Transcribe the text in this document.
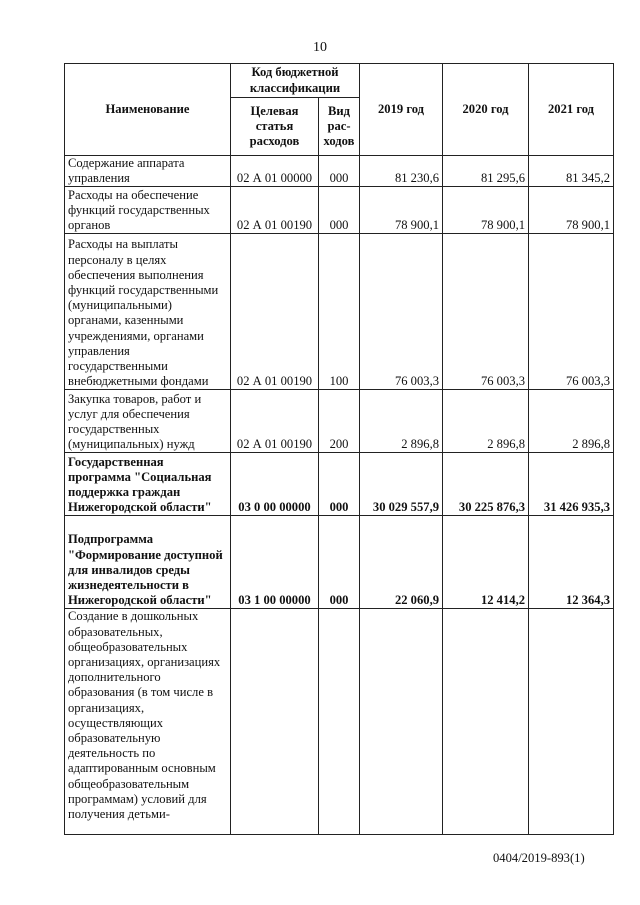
10
Наименование	Код бюджетной классификации		2019 год	2020 год	2021 год
	Целевая статья расходов	Вид рас-ходов			
Содержание аппарата управления	02 А 01 00000	000	81 230,6	81 295,6	81 345,2
Расходы на обеспечение функций государственных органов	02 А 01 00190	000	78 900,1	78 900,1	78 900,1
Расходы на выплаты персоналу в целях обеспечения выполнения функций государственными (муниципальными) органами, казенными учреждениями, органами управления государственными внебюджетными фондами	02 А 01 00190	100	76 003,3	76 003,3	76 003,3
Закупка товаров, работ и услуг для обеспечения государственных (муниципальных) нужд	02 А 01 00190	200	2 896,8	2 896,8	2 896,8
Государственная программа "Социальная поддержка граждан Нижегородской области"	03 0 00 00000	000	30 029 557,9	30 225 876,3	31 426 935,3
Подпрограмма "Формирование доступной для инвалидов среды жизнедеятельности в Нижегородской области"	03 1 00 00000	000	22 060,9	12 414,2	12 364,3
Создание в дошкольных образовательных, общеобразовательных организациях, организациях дополнительного образования (в том числе в организациях, осуществляющих образовательную деятельность по адаптированным основным общеобразовательным программам) условий для получения детьми-					
0404/2019-893(1)
